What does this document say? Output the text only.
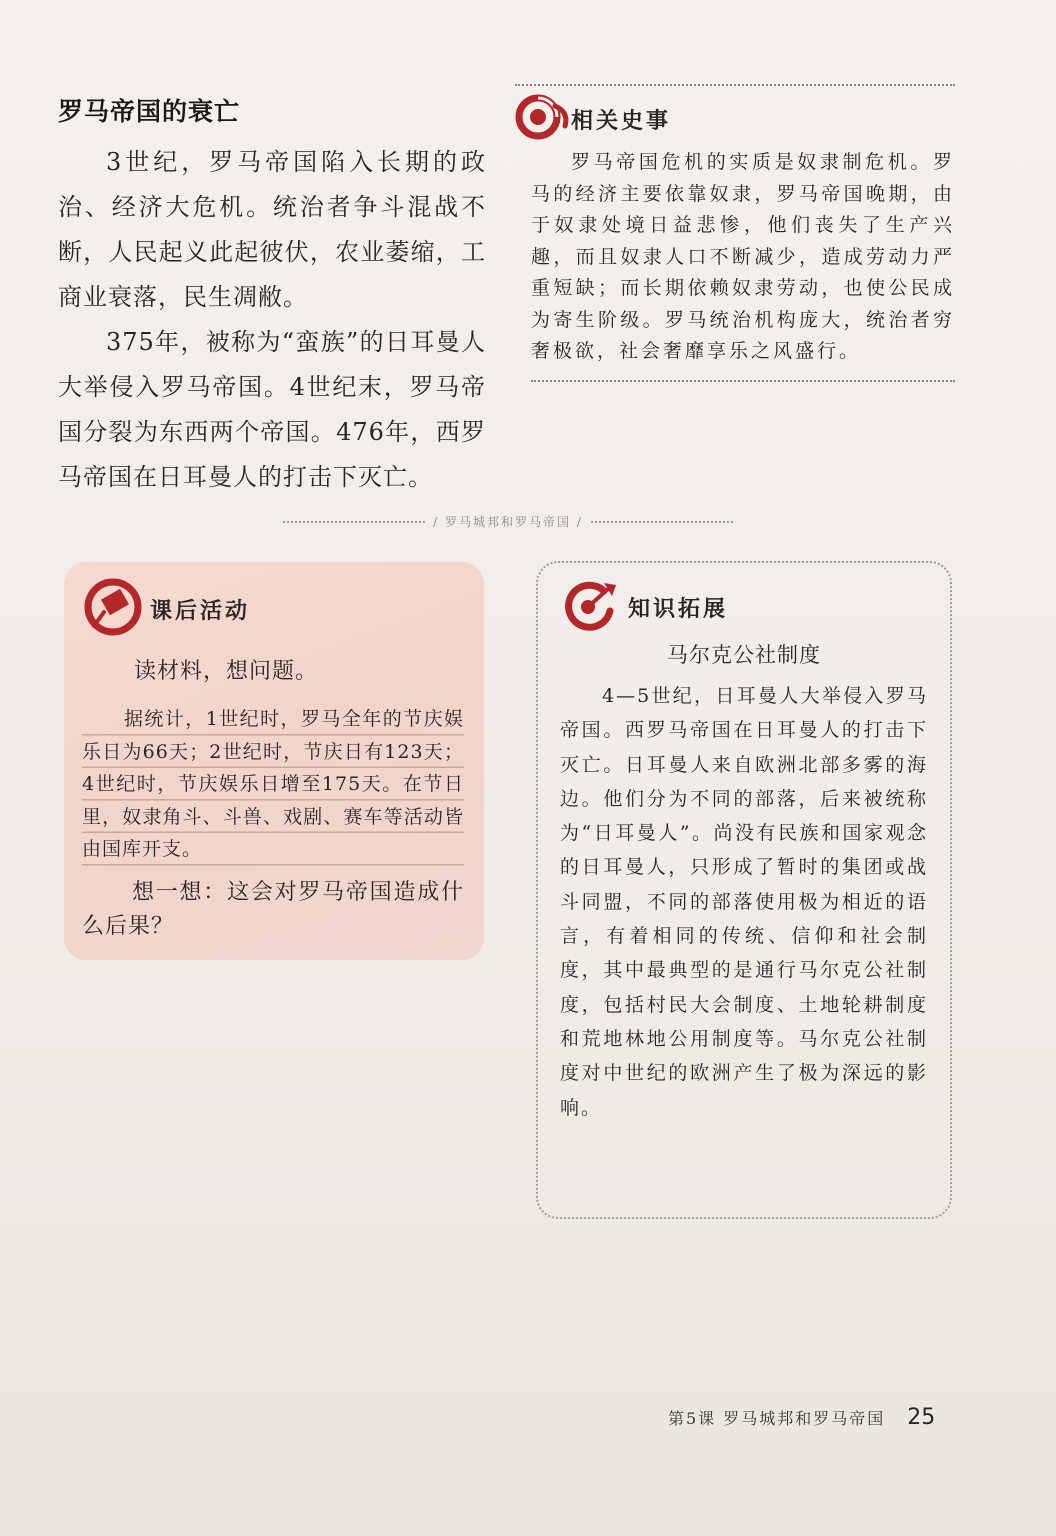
罗马帝国的衰亡

3世纪，罗马帝国陷入长期的政治、经济大危机。统治者争斗混战不断，人民起义此起彼伏，农业萎缩，工商业衰落，民生凋敝。

375年，被称为“蛮族”的日耳曼人大举侵入罗马帝国。4世纪末，罗马帝国分裂为东西两个帝国。476年，西罗马帝国在日耳曼人的打击下灭亡。

相关史事

罗马帝国危机的实质是奴隶制危机。罗马的经济主要依靠奴隶，罗马帝国晚期，由于奴隶处境日益悲惨，他们丧失了生产兴趣，而且奴隶人口不断减少，造成劳动力严重短缺；而长期依赖奴隶劳动，也使公民成为寄生阶级。罗马统治机构庞大，统治者穷奢极欲，社会奢靡享乐之风盛行。

/ 罗马城邦和罗马帝国 /
课后活动

读材料，想问题。

据统计，1世纪时，罗马全年的节庆娱乐日为66天；2世纪时，节庆日有123天；4世纪时，节庆娱乐日增至175天。在节日里，奴隶角斗、斗兽、戏剧、赛车等活动皆由国库开支。

想一想：这会对罗马帝国造成什么后果？

知识拓展

马尔克公社制度

4—5世纪，日耳曼人大举侵入罗马帝国。西罗马帝国在日耳曼人的打击下灭亡。日耳曼人来自欧洲北部多雾的海边。他们分为不同的部落，后来被统称为“日耳曼人”。尚没有民族和国家观念的日耳曼人，只形成了暂时的集团或战斗同盟，不同的部落使用极为相近的语言，有着相同的传统、信仰和社会制度，其中最典型的是通行马尔克公社制度，包括村民大会制度、土地轮耕制度和荒地林地公用制度等。马尔克公社制度对中世纪的欧洲产生了极为深远的影响。

第5课 罗马城邦和罗马帝国 25
